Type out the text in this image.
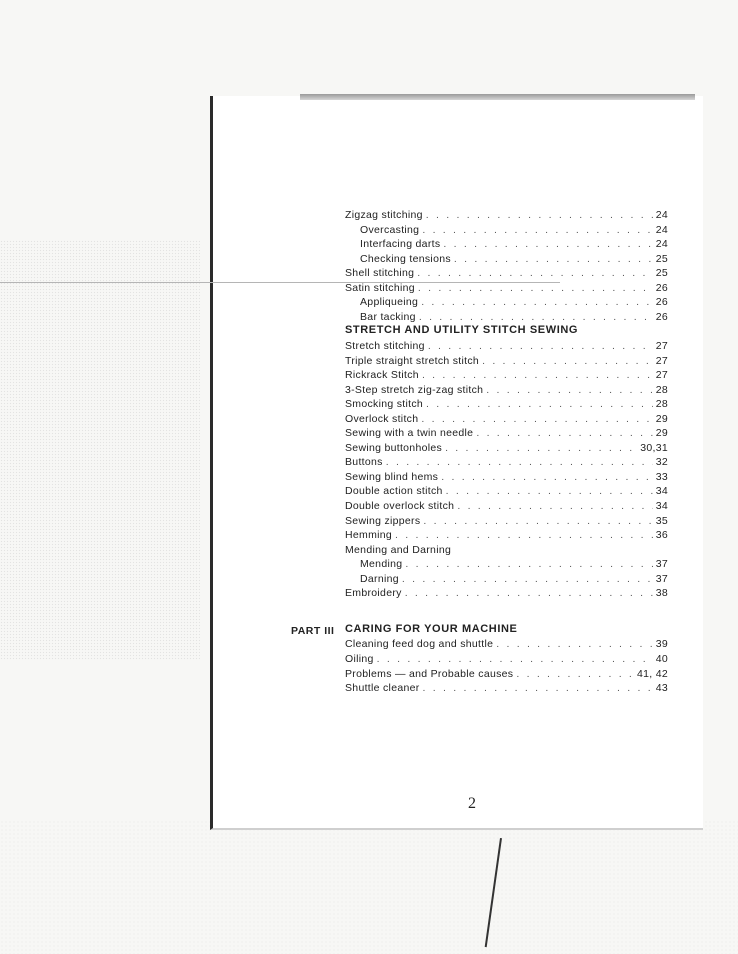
Zigzag stitching . . .	24
Overcasting . . .	24
Interfacing darts . . .	24
Checking tensions . . .	25
Shell stitching . . .	25
Satin stitching . . .	26
Appliqueing . . .	26
Bar tacking . . .	26
STRETCH AND UTILITY STITCH SEWING
Stretch stitching . . .	27
Triple straight stretch stitch . . .	27
Rickrack Stitch . . .	27
3-Step stretch zig-zag stitch . . .	28
Smocking stitch . . .	28
Overlock stitch . . .	29
Sewing with a twin needle . . .	29
Sewing buttonholes . . .	30,31
Buttons . . .	32
Sewing blind hems . . .	33
Double action stitch . . .	34
Double overlock stitch . . .	34
Sewing zippers . . .	35
Hemming . . .	36
Mending and Darning
Mending . . .	37
Darning . . .	37
Embroidery . . .	38
PART III CARING FOR YOUR MACHINE
Cleaning feed dog and shuttle . . .	39
Oiling . . .	40
Problems — and Probable causes . . .	41, 42
Shuttle cleaner . . .	43
2
